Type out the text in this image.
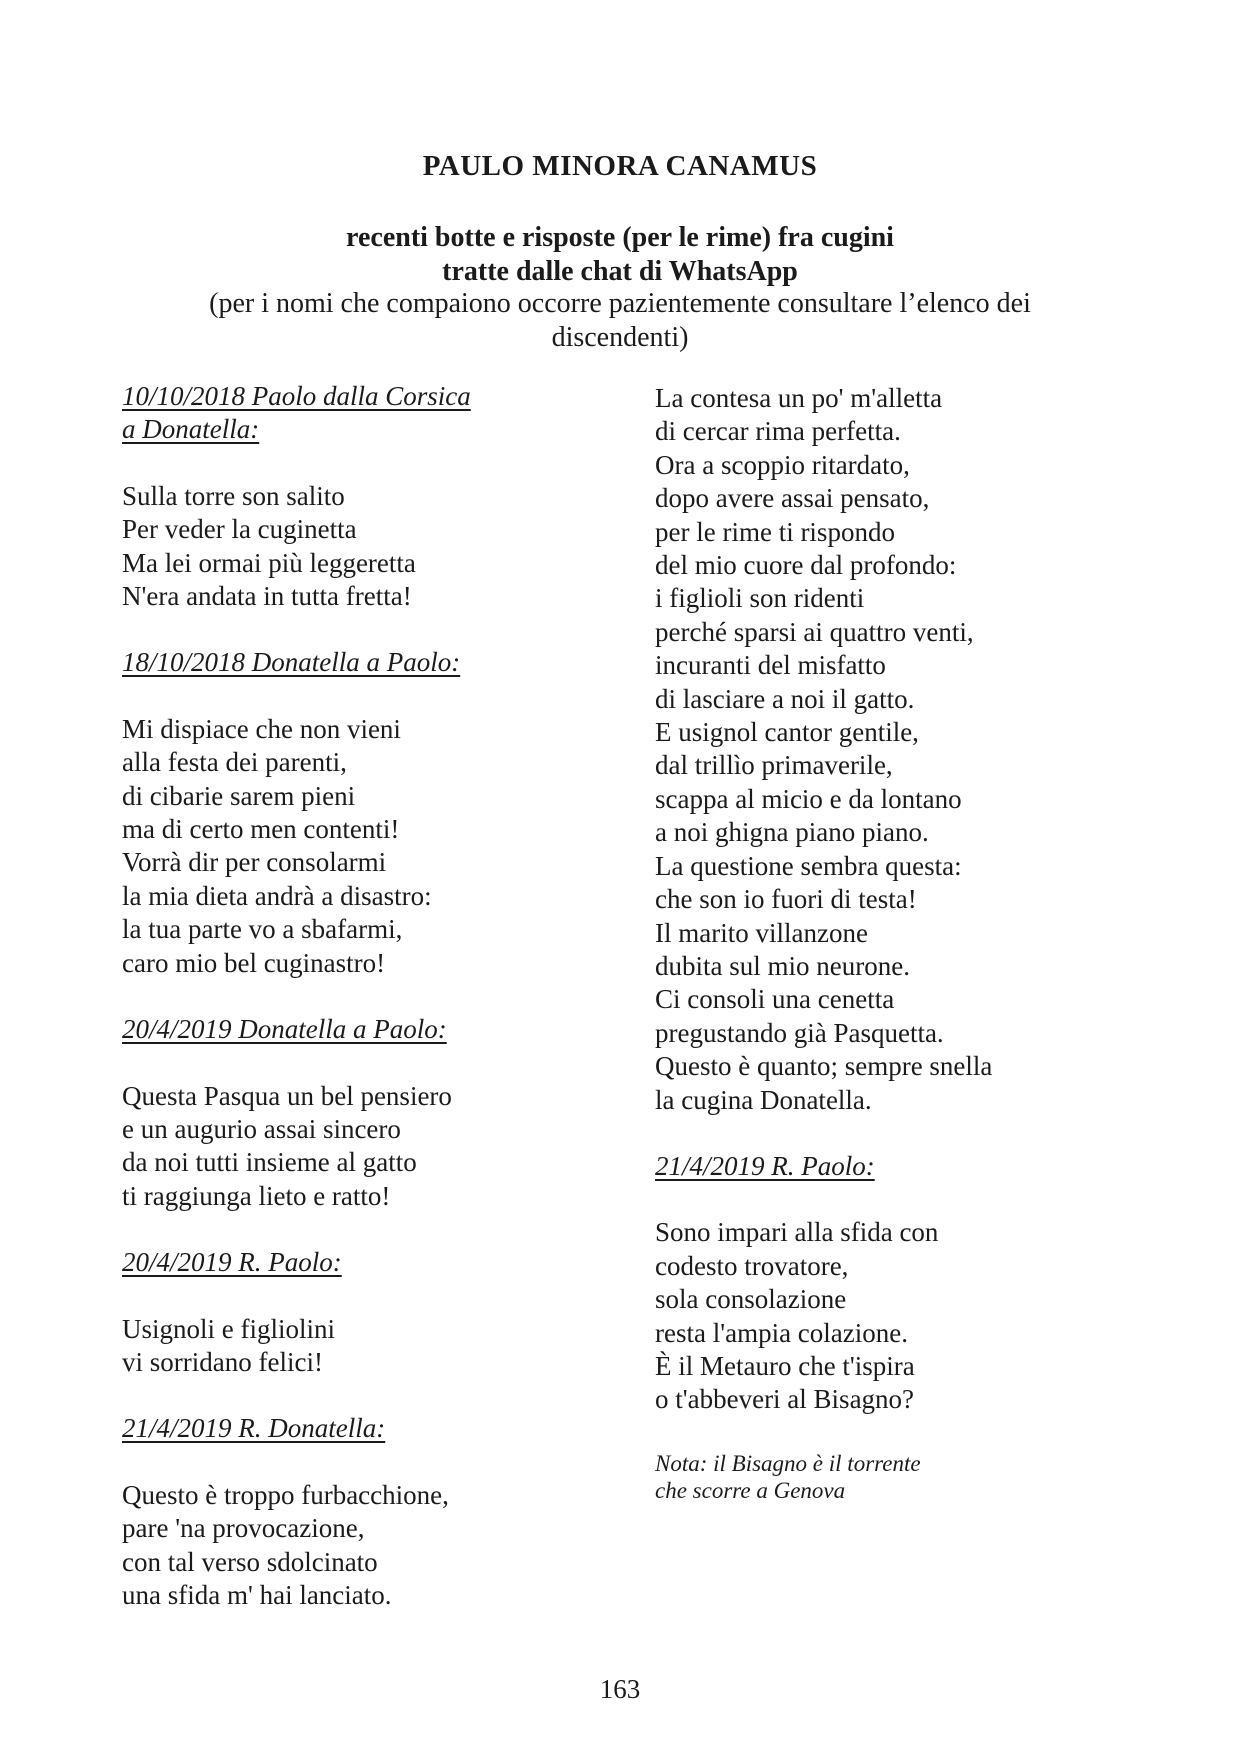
PAULO MINORA CANAMUS
recenti botte e risposte (per le rime) fra cugini
tratte dalle chat di WhatsApp
(per i nomi che compaiono occorre pazientemente consultare l’elenco dei
discendenti)
10/10/2018 Paolo dalla Corsica
a Donatella:
Sulla torre son salito
Per veder la cuginetta
Ma lei ormai più leggeretta
N'era andata in tutta fretta!
18/10/2018 Donatella a Paolo:
Mi dispiace che non vieni
alla festa dei parenti,
di cibarie sarem pieni
ma di certo men contenti!
Vorrà dir per consolarmi
la mia dieta andrà a disastro:
la tua parte vo a sbafarmi,
caro mio bel cuginastro!
20/4/2019 Donatella a Paolo:
Questa Pasqua un bel pensiero
e un augurio assai sincero
da noi tutti insieme al gatto
ti raggiunga lieto e ratto!
20/4/2019 R. Paolo:
Usignoli e figliolini
vi sorridano felici!
21/4/2019 R. Donatella:
Questo è troppo furbacchione,
pare 'na provocazione,
con tal verso sdolcinato
una sfida m' hai lanciato.
La contesa un po' m'alletta
di cercar rima perfetta.
Ora a scoppio ritardato,
dopo avere assai pensato,
per le rime ti rispondo
del mio cuore dal profondo:
i figlioli son ridenti
perché sparsi ai quattro venti,
incuranti del misfatto
di lasciare a noi il gatto.
E usignol cantor gentile,
dal trillìo primaverile,
scappa al micio e da lontano
a noi ghigna piano piano.
La questione sembra questa:
che son io fuori di testa!
Il marito villanzone
dubita sul mio neurone.
Ci consoli una cenetta
pregustando già Pasquetta.
Questo è quanto; sempre snella
la cugina Donatella.
21/4/2019 R. Paolo:
Sono impari alla sfida con
codesto trovatore,
sola consolazione
resta l'ampia colazione.
È il Metauro che t'ispira
o t'abbeveri al Bisagno?
Nota: il Bisagno è il torrente
che scorre a Genova
163
